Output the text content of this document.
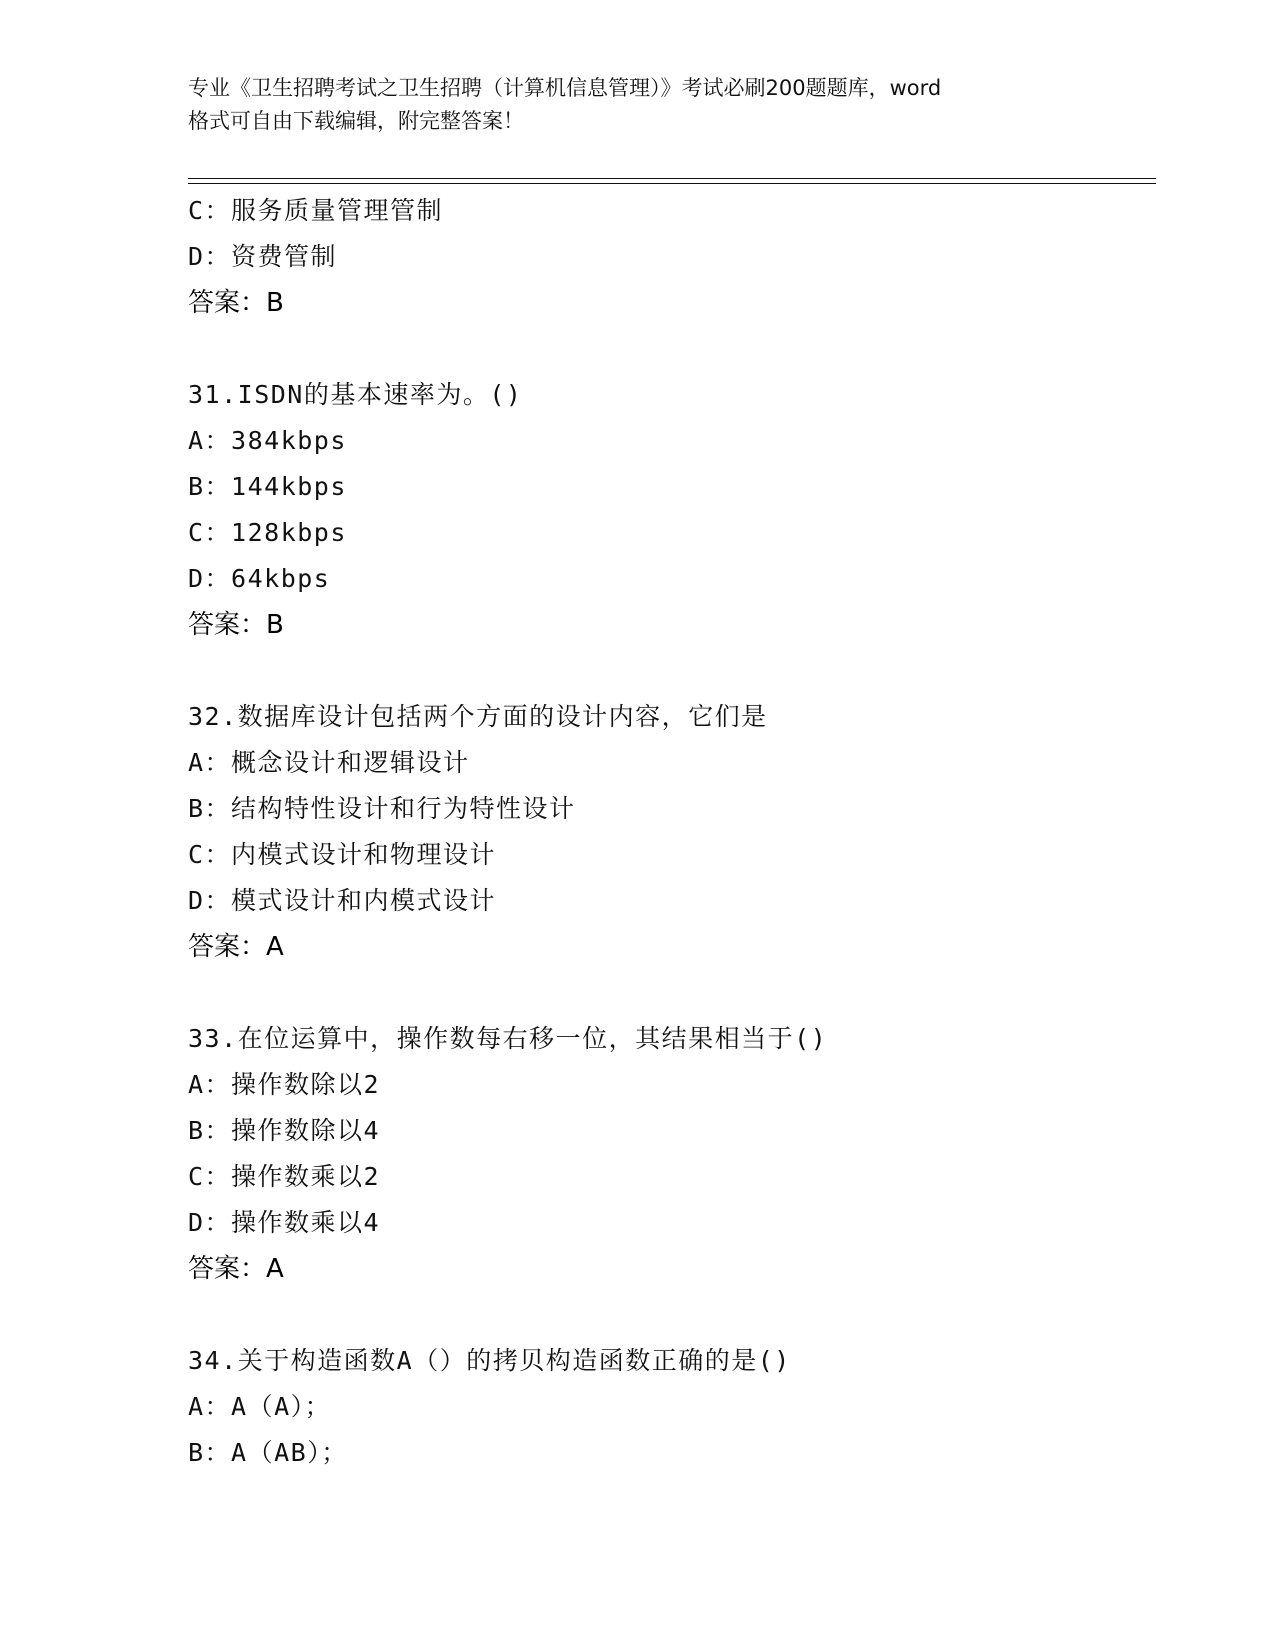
专业《卫生招聘考试之卫生招聘（计算机信息管理）》考试必刷200题题库，word
格式可自由下载编辑，附完整答案！
C：服务质量管理管制
D：资费管制
答案：B
31.ISDN的基本速率为。()
A：384kbps
B：144kbps
C：128kbps
D：64kbps
答案：B
32.数据库设计包括两个方面的设计内容，它们是
A：概念设计和逻辑设计
B：结构特性设计和行为特性设计
C：内模式设计和物理设计
D：模式设计和内模式设计
答案：A
33.在位运算中，操作数每右移一位，其结果相当于()
A：操作数除以2
B：操作数除以4
C：操作数乘以2
D：操作数乘以4
答案：A
34.关于构造函数A（）的拷贝构造函数正确的是()
A：A（A）；
B：A（AB）；
